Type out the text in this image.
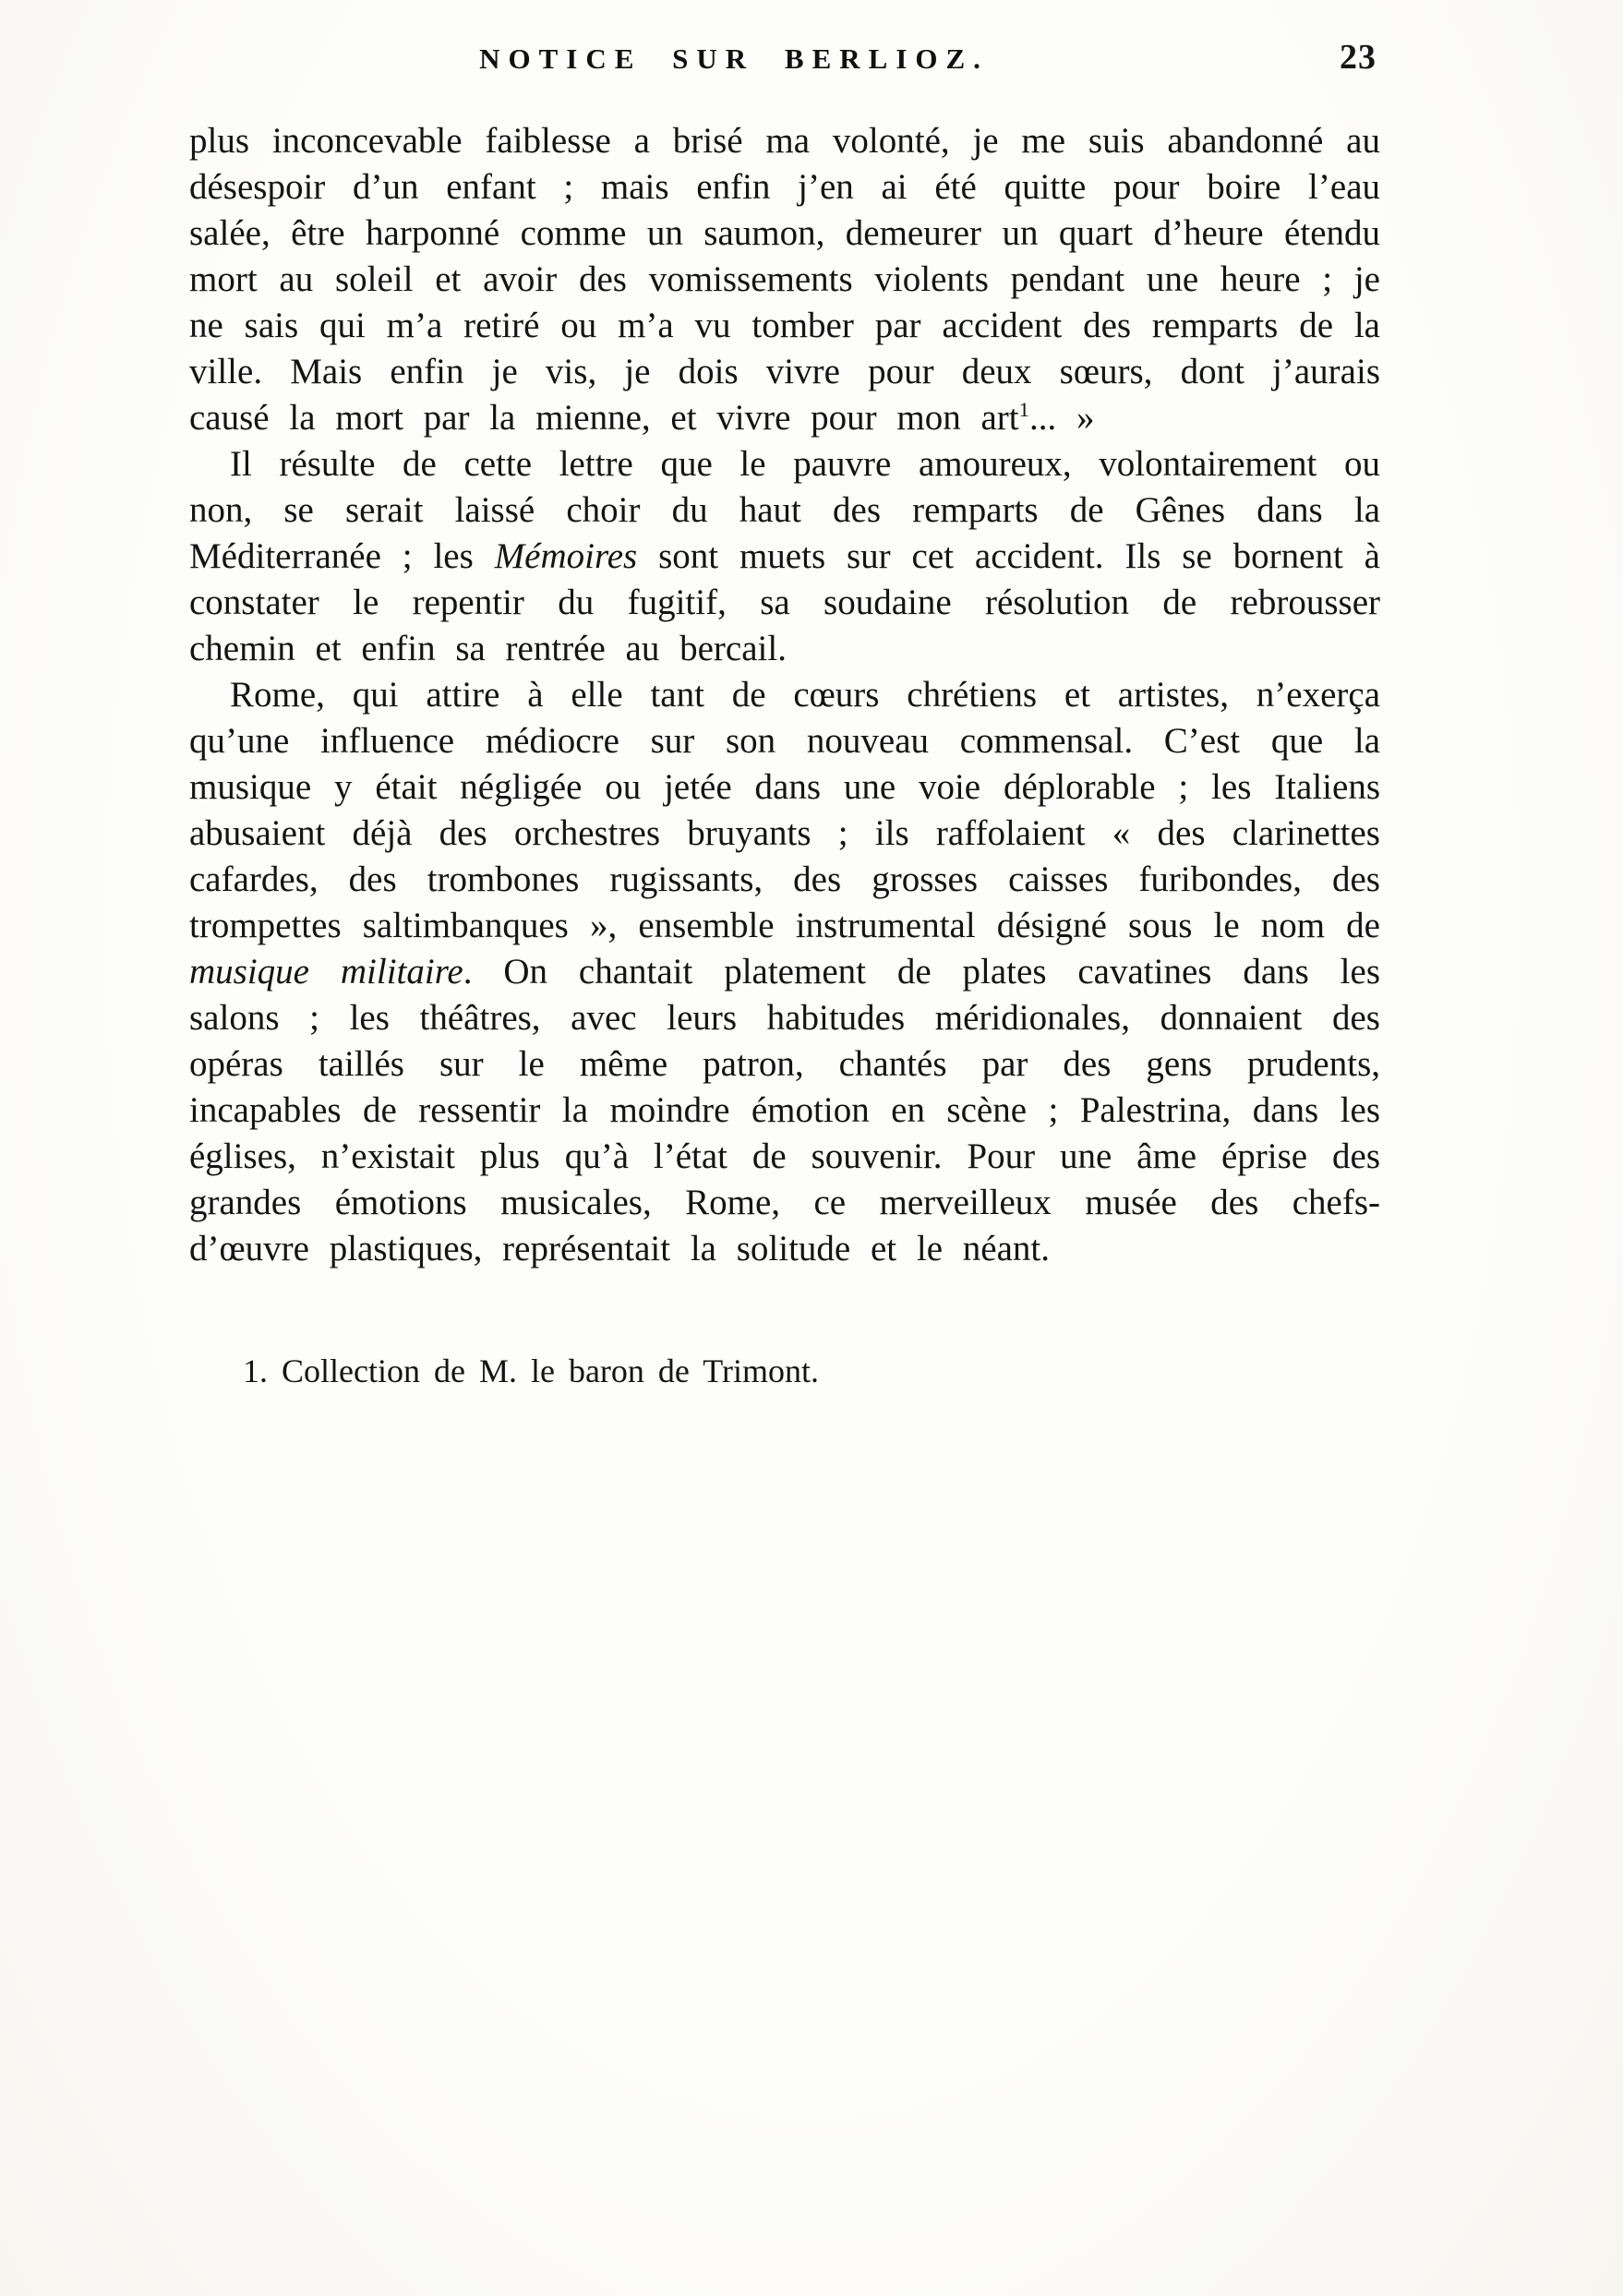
NOTICE SUR BERLIOZ.	23

plus inconcevable faiblesse a brisé ma volonté, je me suis abandonné au désespoir d’un enfant ; mais enfin j’en ai été quitte pour boire l’eau salée, être harponné comme un saumon, demeurer un quart d’heure étendu mort au soleil et avoir des vomissements violents pendant une heure ; je ne sais qui m’a retiré ou m’a vu tomber par accident des remparts de la ville. Mais enfin je vis, je dois vivre pour deux sœurs, dont j’aurais causé la mort par la mienne, et vivre pour mon art$^1$... »

Il résulte de cette lettre que le pauvre amoureux, volontairement ou non, se serait laissé choir du haut des remparts de Gênes dans la Méditerranée ; les Mémoires sont muets sur cet accident. Ils se bornent à constater le repentir du fugitif, sa soudaine résolution de rebrousser chemin et enfin sa rentrée au bercail.

Rome, qui attire à elle tant de cœurs chrétiens et artistes, n’exerça qu’une influence médiocre sur son nouveau commensal. C’est que la musique y était négligée ou jetée dans une voie déplorable ; les Italiens abusaient déjà des orchestres bruyants ; ils raffolaient « des clarinettes cafardes, des trombones rugissants, des grosses caisses furibondes, des trompettes saltimbanques », ensemble instrumental désigné sous le nom de musique militaire. On chantait platement de plates cavatines dans les salons ; les théâtres, avec leurs habitudes méridionales, donnaient des opéras taillés sur le même patron, chantés par des gens prudents, incapables de ressentir la moindre émotion en scène ; Palestrina, dans les églises, n’existait plus qu’à l’état de souvenir. Pour une âme éprise des grandes émotions musicales, Rome, ce merveilleux musée des chefs-d’œuvre plastiques, représentait la solitude et le néant.

1. Collection de M. le baron de Trimont.
